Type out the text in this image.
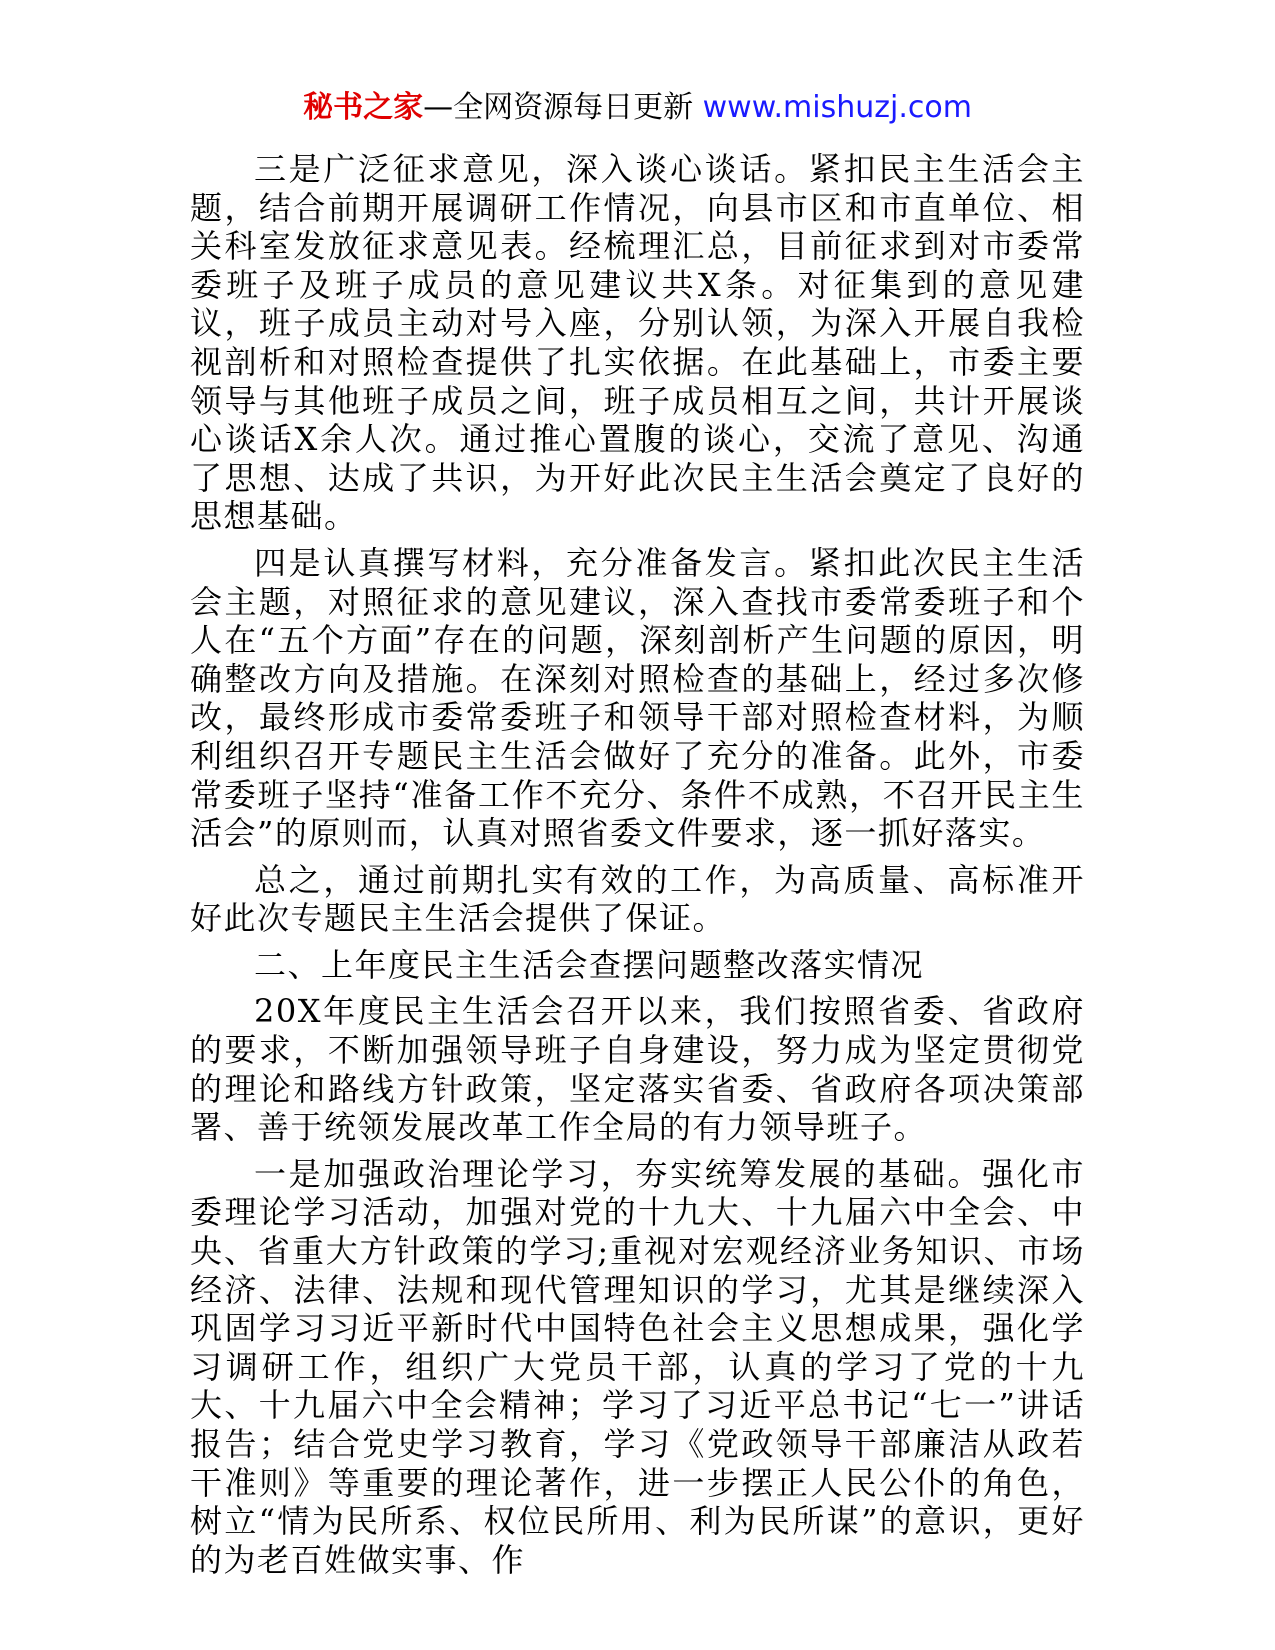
秘书之家—全网资源每日更新 www.mishuzj.com

三是广泛征求意见，深入谈心谈话。紧扣民主生活会主题，结合前期开展调研工作情况，向县市区和市直单位、相关科室发放征求意见表。经梳理汇总，目前征求到对市委常委班子及班子成员的意见建议共X条。对征集到的意见建议，班子成员主动对号入座，分别认领，为深入开展自我检视剖析和对照检查提供了扎实依据。在此基础上，市委主要领导与其他班子成员之间，班子成员相互之间，共计开展谈心谈话X余人次。通过推心置腹的谈心，交流了意见、沟通了思想、达成了共识，为开好此次民主生活会奠定了良好的思想基础。

四是认真撰写材料，充分准备发言。紧扣此次民主生活会主题，对照征求的意见建议，深入查找市委常委班子和个人在“五个方面”存在的问题，深刻剖析产生问题的原因，明确整改方向及措施。在深刻对照检查的基础上，经过多次修改，最终形成市委常委班子和领导干部对照检查材料，为顺利组织召开专题民主生活会做好了充分的准备。此外，市委常委班子坚持“准备工作不充分、条件不成熟，不召开民主生活会”的原则而，认真对照省委文件要求，逐一抓好落实。

总之，通过前期扎实有效的工作，为高质量、高标准开好此次专题民主生活会提供了保证。

二、上年度民主生活会查摆问题整改落实情况

20X年度民主生活会召开以来，我们按照省委、省政府的要求，不断加强领导班子自身建设，努力成为坚定贯彻党的理论和路线方针政策，坚定落实省委、省政府各项决策部署、善于统领发展改革工作全局的有力领导班子。

一是加强政治理论学习，夯实统筹发展的基础。强化市委理论学习活动，加强对党的十九大、十九届六中全会、中央、省重大方针政策的学习;重视对宏观经济业务知识、市场经济、法律、法规和现代管理知识的学习，尤其是继续深入巩固学习习近平新时代中国特色社会主义思想成果，强化学习调研工作，组织广大党员干部，认真的学习了党的十九大、十九届六中全会精神；学习了习近平总书记“七一”讲话报告；结合党史学习教育，学习《党政领导干部廉洁从政若干准则》等重要的理论著作，进一步摆正人民公仆的角色，树立“情为民所系、权位民所用、利为民所谋”的意识，更好的为老百姓做实事、作
